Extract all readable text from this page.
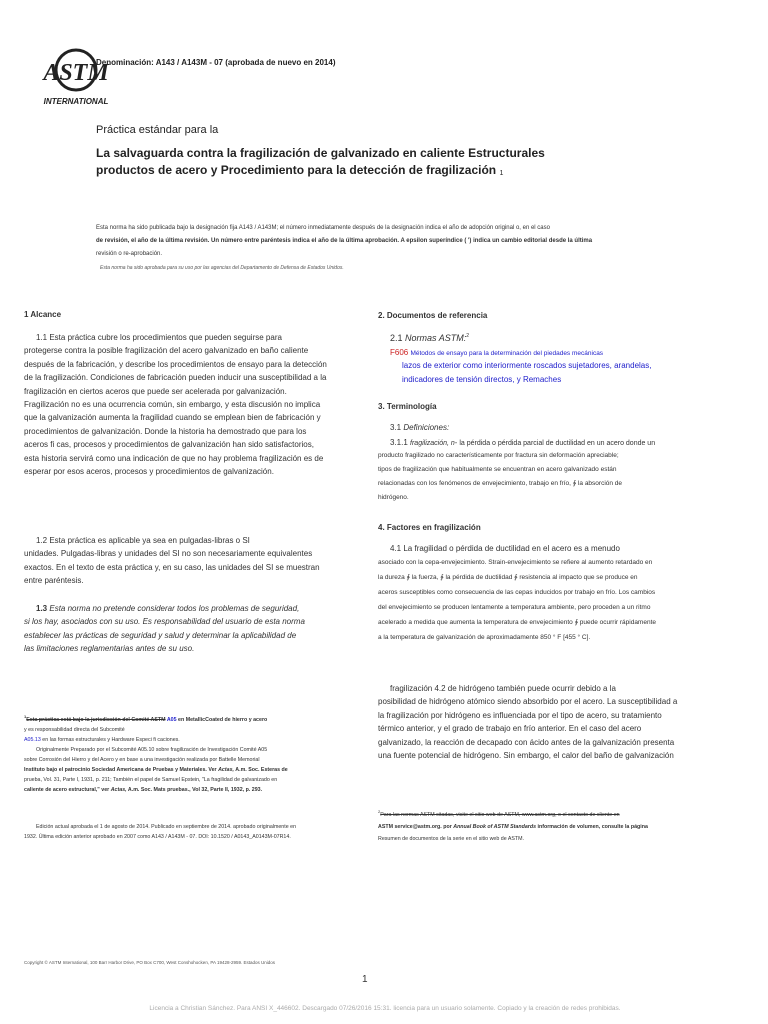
ASTM
INTERNATIONAL
Denominación: A143 / A143M - 07 (aprobada de nuevo en 2014)
Práctica estándar para la
La salvaguarda contra la fragilización de galvanizado en caliente Estructurales
productos de acero y Procedimiento para la detección de fragilización $^1$
Esta norma ha sido publicada bajo la designación fija A143 / A143M; el número inmediatamente después de la designación indica el año de adopción original o, en el caso
de revisión, el año de la última revisión. Un número entre paréntesis indica el año de la última aprobación. A epsilon superíndice ( ') indica un cambio editorial desde la última
revisión o re-aprobación.
Esta norma ha sido aprobada para su uso por las agencias del Departamento de Defensa de Estados Unidos.
1 Alcance
1.1 Esta práctica cubre los procedimientos que pueden seguirse para
protegerse contra la posible fragilización del acero galvanizado en baño caliente
después de la fabricación, y describe los procedimientos de ensayo para la detección
de la fragilización. Condiciones de fabricación pueden inducir una susceptibilidad a la
fragilización en ciertos aceros que puede ser acelerada por galvanización.
Fragilización no es una ocurrencia común, sin embargo, y esta discusión no implica
que la galvanización aumenta la fragilidad cuando se emplean bien de fabricación y
procedimientos de galvanización. Donde la historia ha demostrado que para los
aceros fi cas, procesos y procedimientos de galvanización han sido satisfactorios,
esta historia servirá como una indicación de que no hay problema fragilización es de
esperar por esos aceros, procesos y procedimientos de galvanización.
1.2 Esta práctica es aplicable ya sea en pulgadas-libras o SI
unidades. Pulgadas-libras y unidades del SI no son necesariamente equivalentes
exactos. En el texto de esta práctica y, en su caso, las unidades del SI se muestran
entre paréntesis.
1.3 Esta norma no pretende considerar todos los problemas de seguridad,
si los hay, asociados con su uso. Es responsabilidad del usuario de esta norma
establecer las prácticas de seguridad y salud y determinar la aplicabilidad de
las limitaciones reglamentarias antes de su uso.
2. Documentos de referencia
2.1 Normas ASTM:$^2$
F606 Métodos de ensayo para la determinación del piedades mecánicas
lazos de exterior como interiormente roscados sujetadores, arandelas,
indicadores de tensión directos, y Remaches
3. Terminología
3.1 Definiciones:
3.1.1 fragilización, n- la pérdida o pérdida parcial de ductilidad en un acero donde un
producto fragilizado no característicamente por fractura sin deformación apreciable;
tipos de fragilización que habitualmente se encuentran en acero galvanizado están
relacionadas con los fenómenos de envejecimiento, trabajo en frío, ∲ la absorción de
hidrógeno.
4. Factores en fragilización
4.1 La fragilidad o pérdida de ductilidad en el acero es a menudo
asociado con la cepa-envejecimiento. Strain-envejecimiento se refiere al aumento retardado en
la dureza ∲ la fuerza, ∲ la pérdida de ductilidad ∲ resistencia al impacto que se produce en
aceros susceptibles como consecuencia de las cepas inducidos por trabajo en frío. Los cambios
del envejecimiento se producen lentamente a temperatura ambiente, pero proceden a un ritmo
acelerado a medida que aumenta la temperatura de envejecimiento ∲ puede ocurrir rápidamente
a la temperatura de galvanización de aproximadamente 850 ° F [455 ° C].
fragilización 4.2 de hidrógeno también puede ocurrir debido a la
posibilidad de hidrógeno atómico siendo absorbido por el acero. La susceptibilidad a
la fragilización por hidrógeno es influenciada por el tipo de acero, su tratamiento
térmico anterior, y el grado de trabajo en frío anterior. En el caso del acero
galvanizado, la reacción de decapado con ácido antes de la galvanización presenta
una fuente potencial de hidrógeno. Sin embargo, el calor del baño de galvanización
$^1$Esta práctica está bajo la jurisdicción del Comité ASTM A05 en MetallicCoated de hierro y acero
y es responsabilidad directa del Subcomité
A05.13 en las formas estructurales y Hardware Especi fi caciones.
Originalmente Preparado por el Subcomité A05.10 sobre fragilización de Investigación Comité A05
sobre Corrosión del Hierro y del Acero y en base a una investigación realizada por Battelle Memorial
Instituto bajo el patrocinio Sociedad Americana de Pruebas y Materiales. Ver Actas, A.m. Soc. Esteras de
prueba, Vol. 31, Parte I, 1931, p. 211; También el papel de Samuel Epstein, "La fragilidad de galvanizado en
caliente de acero estructural," ver Actas, A.m. Soc. Mats pruebas., Vol 32, Parte II, 1932, p. 293.
Edición actual aprobada el 1 de agosto de 2014. Publicado en septiembre de 2014. aprobado originalmente en
1932. Última edición anterior aprobado en 2007 como A143 / A143M - 07. DOI: 10.1520 / A0143_A0143M-07R14.
$^2$Para las normas ASTM citadas, visite el sitio web de ASTM, www.astm.org, o el contacto de cliente en
ASTM service@astm.org. por Annual Book of ASTM Standards información de volumen, consulte la página
Resumen de documentos de la serie en el sitio web de ASTM.
Copyright © ASTM International, 100 Barr Harbor Drive, PO Box C700, West Conshohocken, PA 19428-2959. Estados Unidos
1
Licencia a Christian Sánchez. Para ANSI X_446602. Descargado 07/26/2016 15:31. licencia para un usuario solamente. Copiado y la creación de redes prohibidas.
